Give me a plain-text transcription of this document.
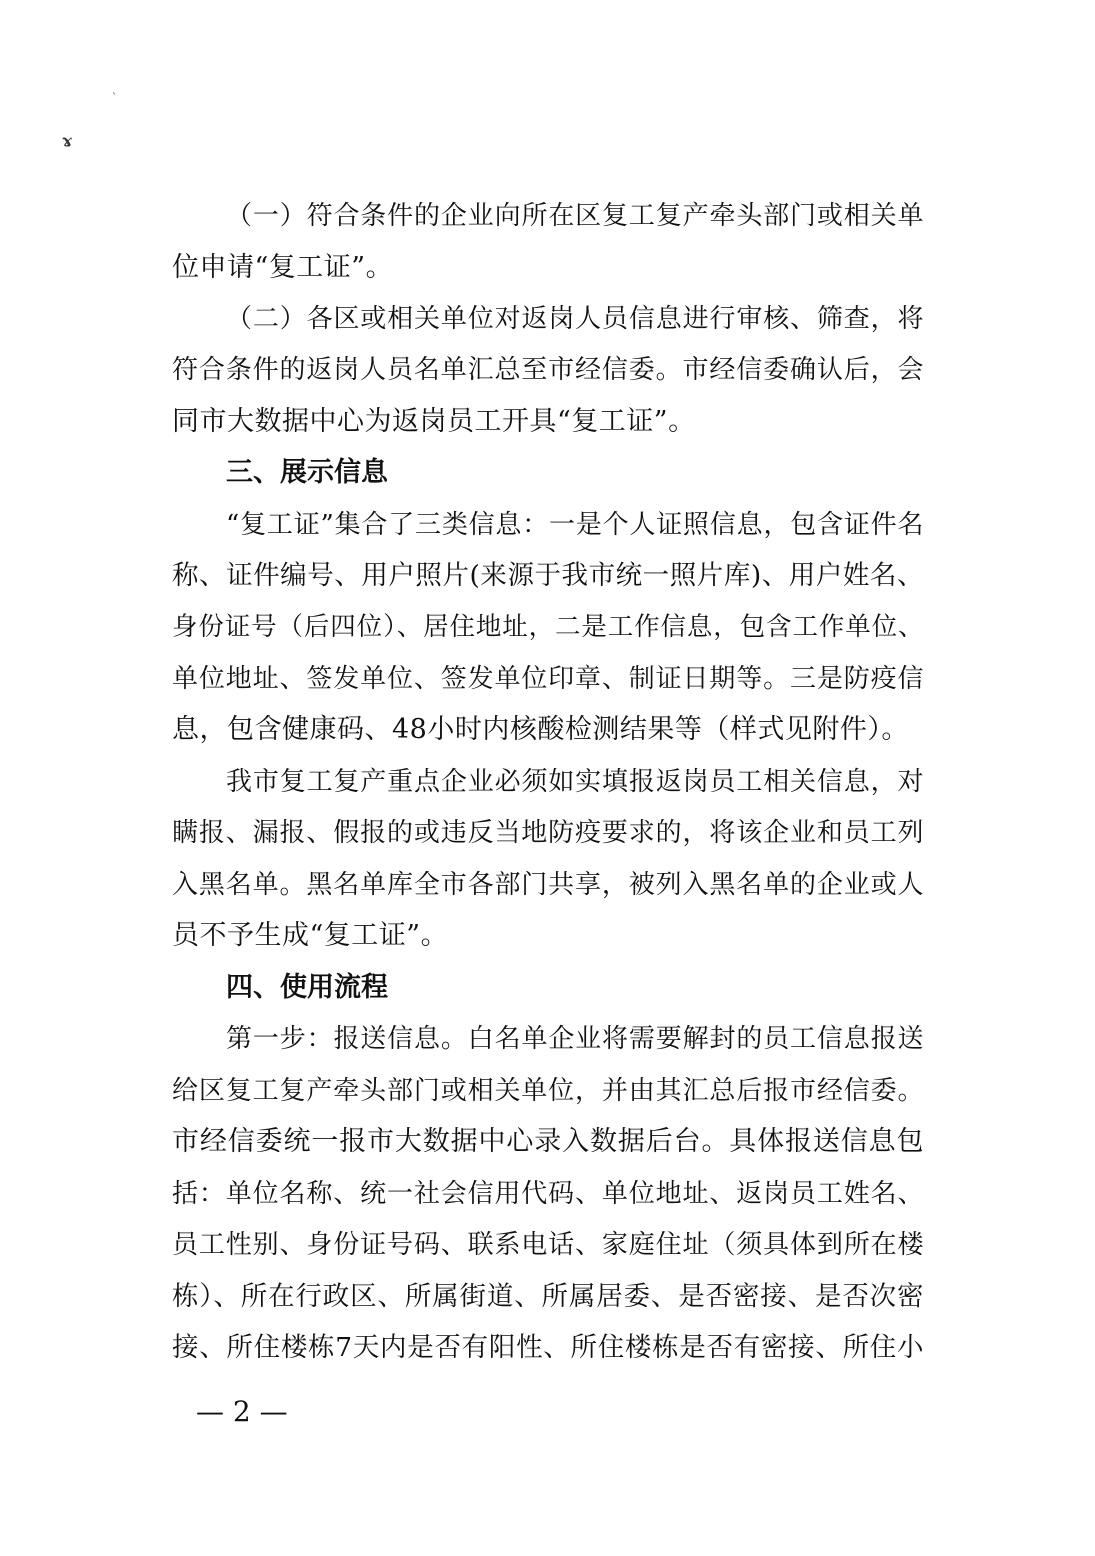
ˋ
ɤ
（一）符合条件的企业向所在区复工复产牵头部门或相关单
位申请“复工证”。
（二）各区或相关单位对返岗人员信息进行审核、筛查，将
符合条件的返岗人员名单汇总至市经信委。市经信委确认后，会
同市大数据中心为返岗员工开具“复工证”。
三、展示信息
“复工证”集合了三类信息：一是个人证照信息，包含证件名
称、证件编号、用户照片(来源于我市统一照片库)、用户姓名、
身份证号（后四位）、居住地址，二是工作信息，包含工作单位、
单位地址、签发单位、签发单位印章、制证日期等。三是防疫信
息，包含健康码、48小时内核酸检测结果等（样式见附件）。
我市复工复产重点企业必须如实填报返岗员工相关信息，对
瞒报、漏报、假报的或违反当地防疫要求的，将该企业和员工列
入黑名单。黑名单库全市各部门共享，被列入黑名单的企业或人
员不予生成“复工证”。
四、使用流程
第一步：报送信息。白名单企业将需要解封的员工信息报送
给区复工复产牵头部门或相关单位，并由其汇总后报市经信委。
市经信委统一报市大数据中心录入数据后台。具体报送信息包
括：单位名称、统一社会信用代码、单位地址、返岗员工姓名、
员工性别、身份证号码、联系电话、家庭住址（须具体到所在楼
栋）、所在行政区、所属街道、所属居委、是否密接、是否次密
接、所住楼栋7天内是否有阳性、所住楼栋是否有密接、所住小
— 2 —
